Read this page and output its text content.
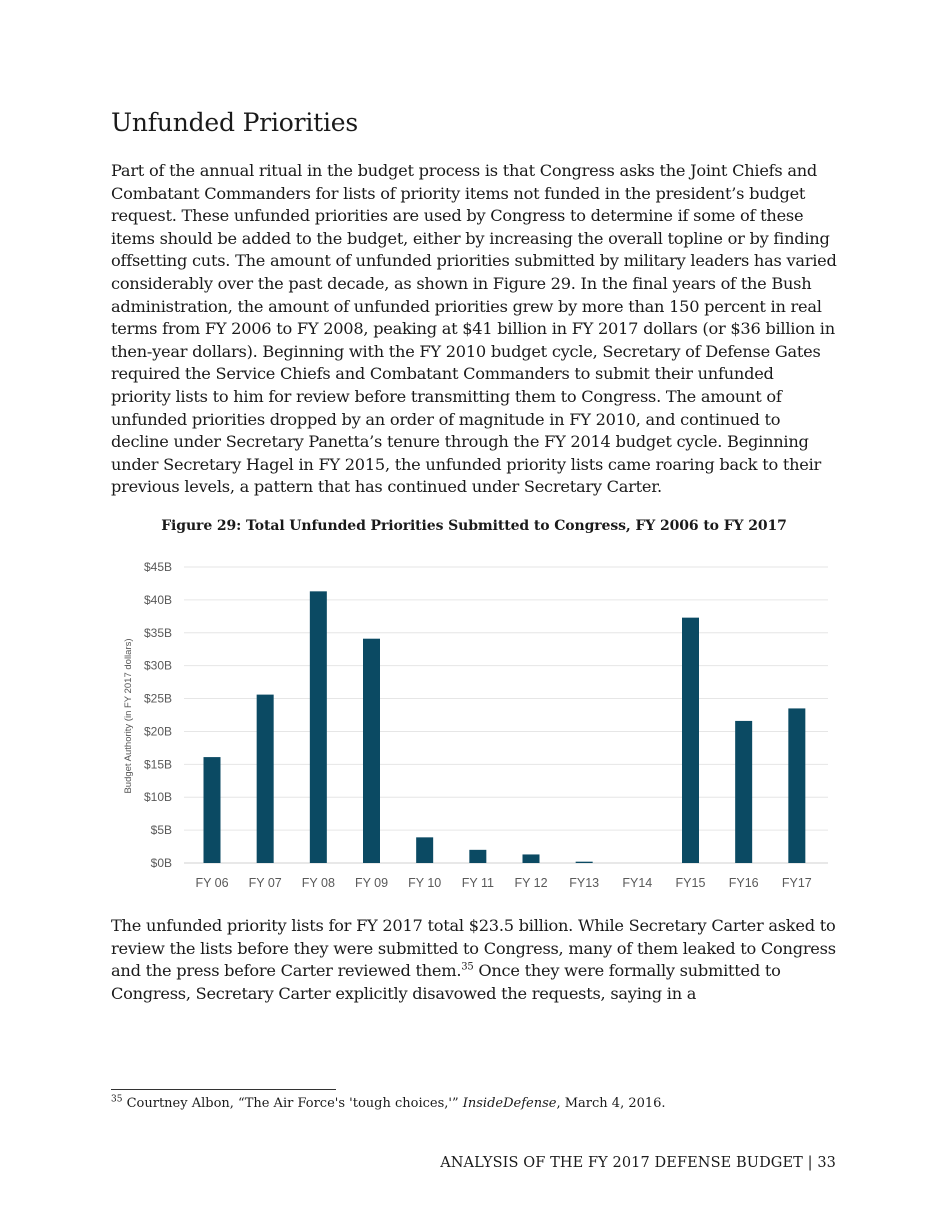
Unfunded Priorities

Part of the annual ritual in the budget process is that Congress asks the Joint Chiefs and Combatant Commanders for lists of priority items not funded in the president’s budget request. These unfunded priorities are used by Congress to determine if some of these items should be added to the budget, either by increasing the overall topline or by finding offsetting cuts. The amount of unfunded priorities submitted by military leaders has varied considerably over the past decade, as shown in Figure 29. In the final years of the Bush administration, the amount of unfunded priorities grew by more than 150 percent in real terms from FY 2006 to FY 2008, peaking at $41 billion in FY 2017 dollars (or $36 billion in then-year dollars). Beginning with the FY 2010 budget cycle, Secretary of Defense Gates required the Service Chiefs and Combatant Commanders to submit their unfunded priority lists to him for review before transmitting them to Congress. The amount of unfunded priorities dropped by an order of magnitude in FY 2010, and continued to decline under Secretary Panetta’s tenure through the FY 2014 budget cycle. Beginning under Secretary Hagel in FY 2015, the unfunded priority lists came roaring back to their previous levels, a pattern that has continued under Secretary Carter.

Figure 29: Total Unfunded Priorities Submitted to Congress, FY 2006 to FY 2017

$0B
$5B
$10B
$15B
$20B
$25B
$30B
$35B
$40B
$45B
FY 06 FY 07 FY 08 FY 09 FY 10 FY 11 FY 12 FY13 FY14 FY15 FY16 FY17
Budget Authority (in FY 2017 dollars)

The unfunded priority lists for FY 2017 total $23.5 billion. While Secretary Carter asked to review the lists before they were submitted to Congress, many of them leaked to Congress and the press before Carter reviewed them.$^{35}$ Once they were formally submitted to Congress, Secretary Carter explicitly disavowed the requests, saying in a

$^{35}$ Courtney Albon, “The Air Force's 'tough choices,'” InsideDefense, March 4, 2016.

ANALYSIS OF THE FY 2017 DEFENSE BUDGET | 33
